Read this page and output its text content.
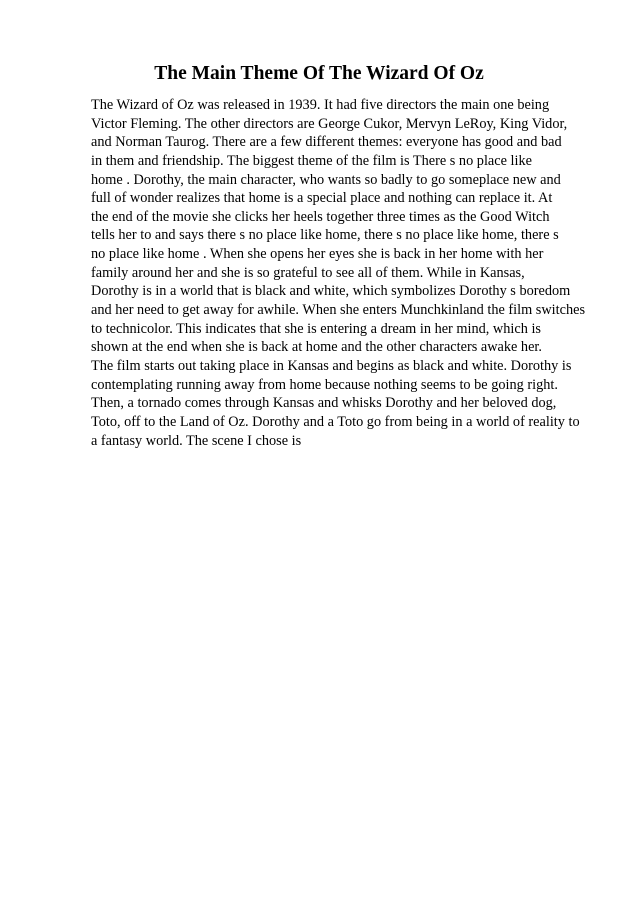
The Main Theme Of The Wizard Of Oz
The Wizard of Oz was released in 1939. It had five directors the main one being
Victor Fleming. The other directors are George Cukor, Mervyn LeRoy, King Vidor,
and Norman Taurog. There are a few different themes: everyone has good and bad
in them and friendship. The biggest theme of the film is There s no place like
home . Dorothy, the main character, who wants so badly to go someplace new and
full of wonder realizes that home is a special place and nothing can replace it. At
the end of the movie she clicks her heels together three times as the Good Witch
tells her to and says there s no place like home, there s no place like home, there s
no place like home . When she opens her eyes she is back in her home with her
family around her and she is so grateful to see all of them. While in Kansas,
Dorothy is in a world that is black and white, which symbolizes Dorothy s boredom
and her need to get away for awhile. When she enters Munchkinland the film switches
to technicolor. This indicates that she is entering a dream in her mind, which is
shown at the end when she is back at home and the other characters awake her.
The film starts out taking place in Kansas and begins as black and white. Dorothy is
contemplating running away from home because nothing seems to be going right.
Then, a tornado comes through Kansas and whisks Dorothy and her beloved dog,
Toto, off to the Land of Oz. Dorothy and a Toto go from being in a world of reality to
a fantasy world. The scene I chose is
